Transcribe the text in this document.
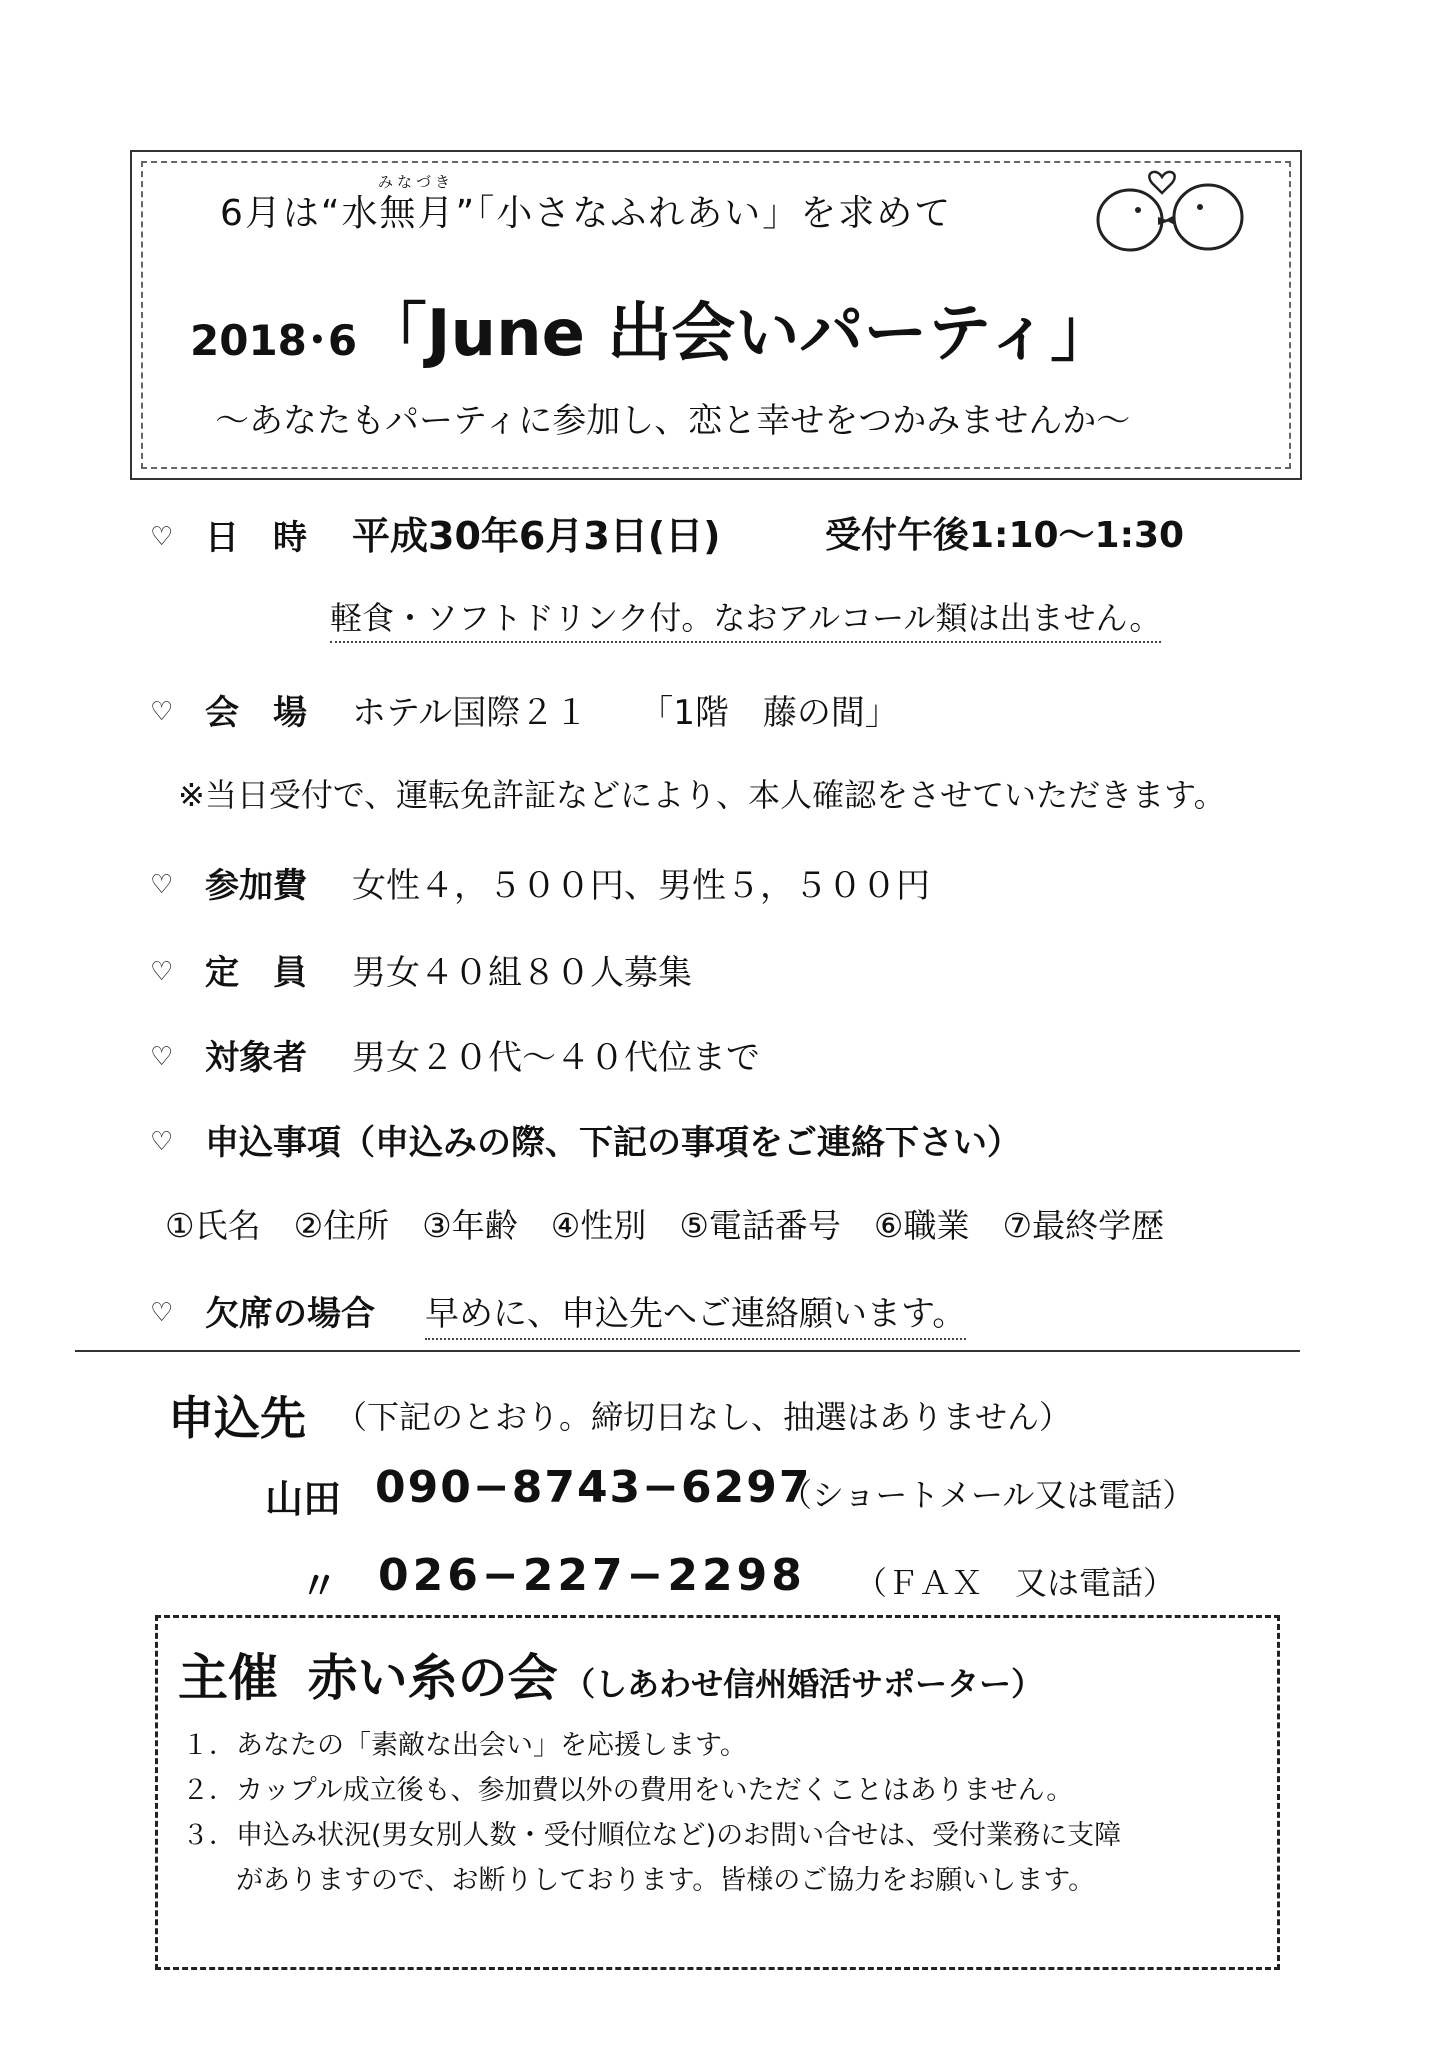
みなづき
6月は“水無月”「小さなふれあい」を求めて
2018･6 「June 出会いパーティ」
～あなたもパーティに参加し、恋と幸せをつかみませんか～
♡ 日　時 平成30年6月3日(日)	受付午後1:10～1:30
軽食・ソフトドリンク付。なおアルコール類は出ません。
♡ 会　場 ホテル国際２１　　「1階　藤の間」
※当日受付で、運転免許証などにより、本人確認をさせていただきます。
♡ 参加費 女性４，５００円、男性５，５００円
♡ 定　員 男女４０組８０人募集
♡ 対象者 男女２０代～４０代位まで
♡ 申込事項（申込みの際、下記の事項をご連絡下さい）
①氏名　②住所　③年齢　④性別　⑤電話番号　⑥職業　⑦最終学歴
♡ 欠席の場合 早めに、申込先へご連絡願います。
申込先 （下記のとおり。締切日なし、抽選はありません）
山田 090−8743−6297
（ショートメール又は電話）
〃 026−227−2298 （ＦＡＸ　又は電話）
主催 赤い糸の会 （しあわせ信州婚活サポーター）
１．あなたの「素敵な出会い」を応援します。
２．カップル成立後も、参加費以外の費用をいただくことはありません。
３．申込み状況(男女別人数・受付順位など)のお問い合せは、受付業務に支障
　　がありますので、お断りしております。皆様のご協力をお願いします。
